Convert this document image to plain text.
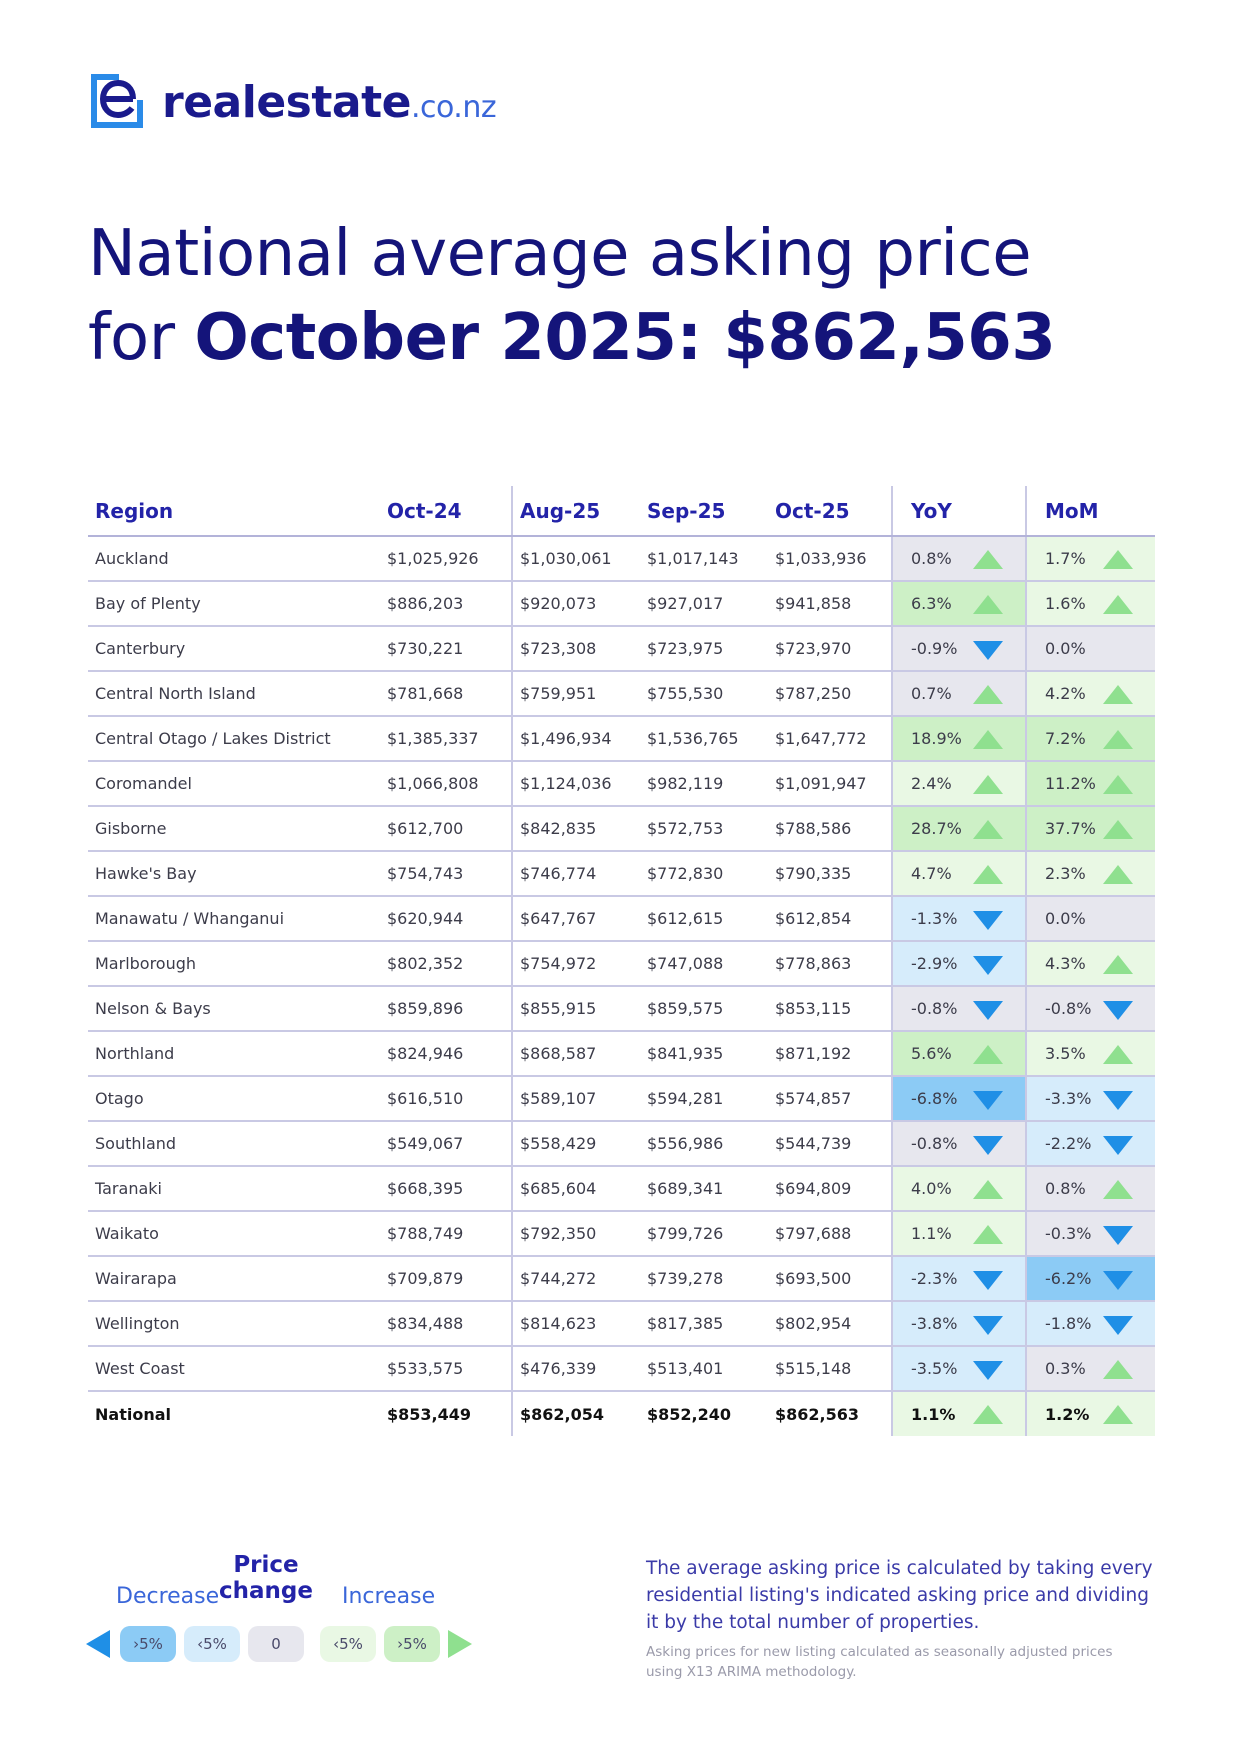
realestate.co.nz
National average asking price
for October 2025: $862,563
Region	Oct-24	Aug-25	Sep-25	Oct-25	YoY	MoM
Auckland	$1,025,926	$1,030,061	$1,017,143	$1,033,936	0.8%	1.7%

Bay of Plenty	$886,203	$920,073	$927,017	$941,858	6.3%	1.6%

Canterbury	$730,221	$723,308	$723,975	$723,970	-0.9%	0.0%
Central North Island	$781,668	$759,951	$755,530	$787,250	0.7%	4.2%

Central Otago / Lakes District	$1,385,337	$1,496,934	$1,536,765	$1,647,772	18.9%	7.2%

Coromandel	$1,066,808	$1,124,036	$982,119	$1,091,947	2.4%	11.2%

Gisborne	$612,700	$842,835	$572,753	$788,586	28.7%	37.7%

Hawke's Bay	$754,743	$746,774	$772,830	$790,335	4.7%	2.3%

Manawatu / Whanganui	$620,944	$647,767	$612,615	$612,854	-1.3%	0.0%
Marlborough	$802,352	$754,972	$747,088	$778,863	-2.9%	4.3%

Nelson & Bays	$859,896	$855,915	$859,575	$853,115	-0.8%	-0.8%

Northland	$824,946	$868,587	$841,935	$871,192	5.6%	3.5%

Otago	$616,510	$589,107	$594,281	$574,857	-6.8%	-3.3%

Southland	$549,067	$558,429	$556,986	$544,739	-0.8%	-2.2%

Taranaki	$668,395	$685,604	$689,341	$694,809	4.0%	0.8%

Waikato	$788,749	$792,350	$799,726	$797,688	1.1%	-0.3%

Wairarapa	$709,879	$744,272	$739,278	$693,500	-2.3%	-6.2%

Wellington	$834,488	$814,623	$817,385	$802,954	-3.8%	-1.8%

West Coast	$533,575	$476,339	$513,401	$515,148	-3.5%	0.3%

National	$853,449	$862,054	$852,240	$862,563	1.1%	1.2%
Price change
Decrease	Increase
›5%	‹5%	0	‹5%	›5%
The average asking price is calculated by taking every residential listing's indicated asking price and dividing it by the total number of properties.
Asking prices for new listing calculated as seasonally adjusted prices using X13 ARIMA methodology.
